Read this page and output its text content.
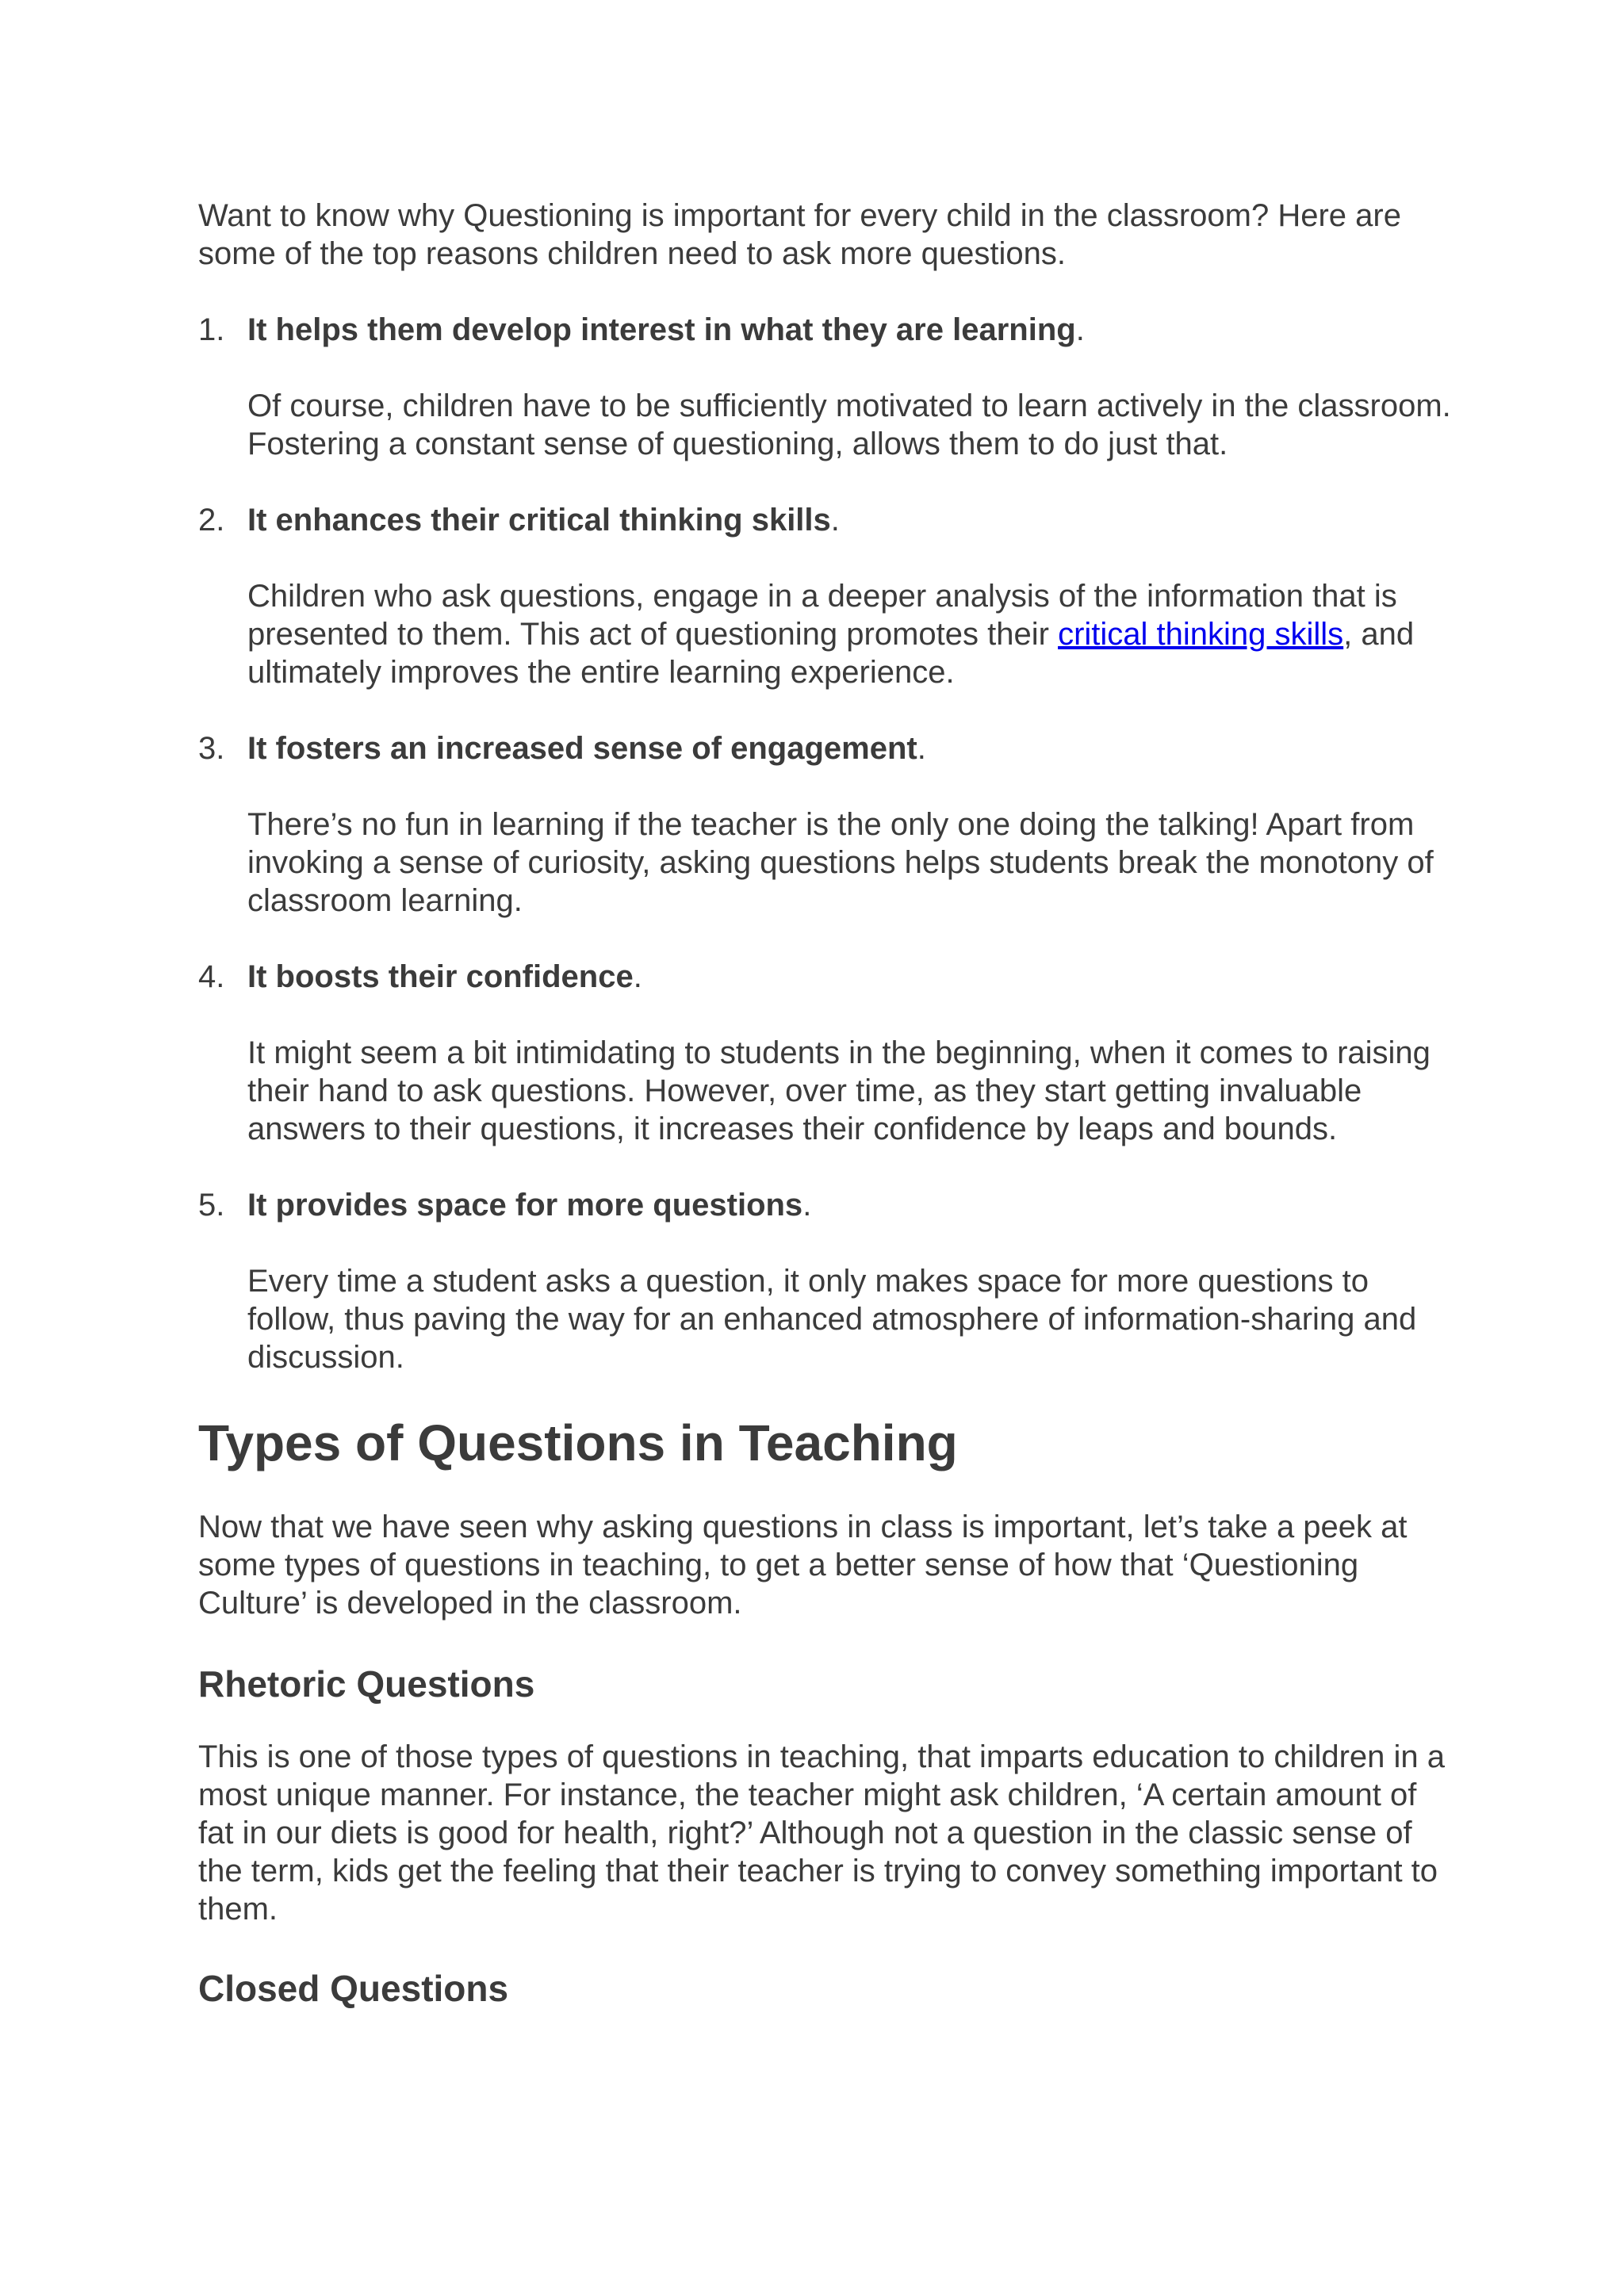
Want to know why Questioning is important for every child in the classroom? Here are some of the top reasons children need to ask more questions.

1. It helps them develop interest in what they are learning.

Of course, children have to be sufficiently motivated to learn actively in the classroom. Fostering a constant sense of questioning, allows them to do just that.

2. It enhances their critical thinking skills.

Children who ask questions, engage in a deeper analysis of the information that is presented to them. This act of questioning promotes their critical thinking skills, and ultimately improves the entire learning experience.

3. It fosters an increased sense of engagement.

There’s no fun in learning if the teacher is the only one doing the talking! Apart from invoking a sense of curiosity, asking questions helps students break the monotony of classroom learning.

4. It boosts their confidence.

It might seem a bit intimidating to students in the beginning, when it comes to raising their hand to ask questions. However, over time, as they start getting invaluable answers to their questions, it increases their confidence by leaps and bounds.

5. It provides space for more questions.

Every time a student asks a question, it only makes space for more questions to follow, thus paving the way for an enhanced atmosphere of information-sharing and discussion.

Types of Questions in Teaching

Now that we have seen why asking questions in class is important, let’s take a peek at some types of questions in teaching, to get a better sense of how that ‘Questioning Culture’ is developed in the classroom.

Rhetoric Questions

This is one of those types of questions in teaching, that imparts education to children in a most unique manner. For instance, the teacher might ask children, ‘A certain amount of fat in our diets is good for health, right?’ Although not a question in the classic sense of the term, kids get the feeling that their teacher is trying to convey something important to them.

Closed Questions
